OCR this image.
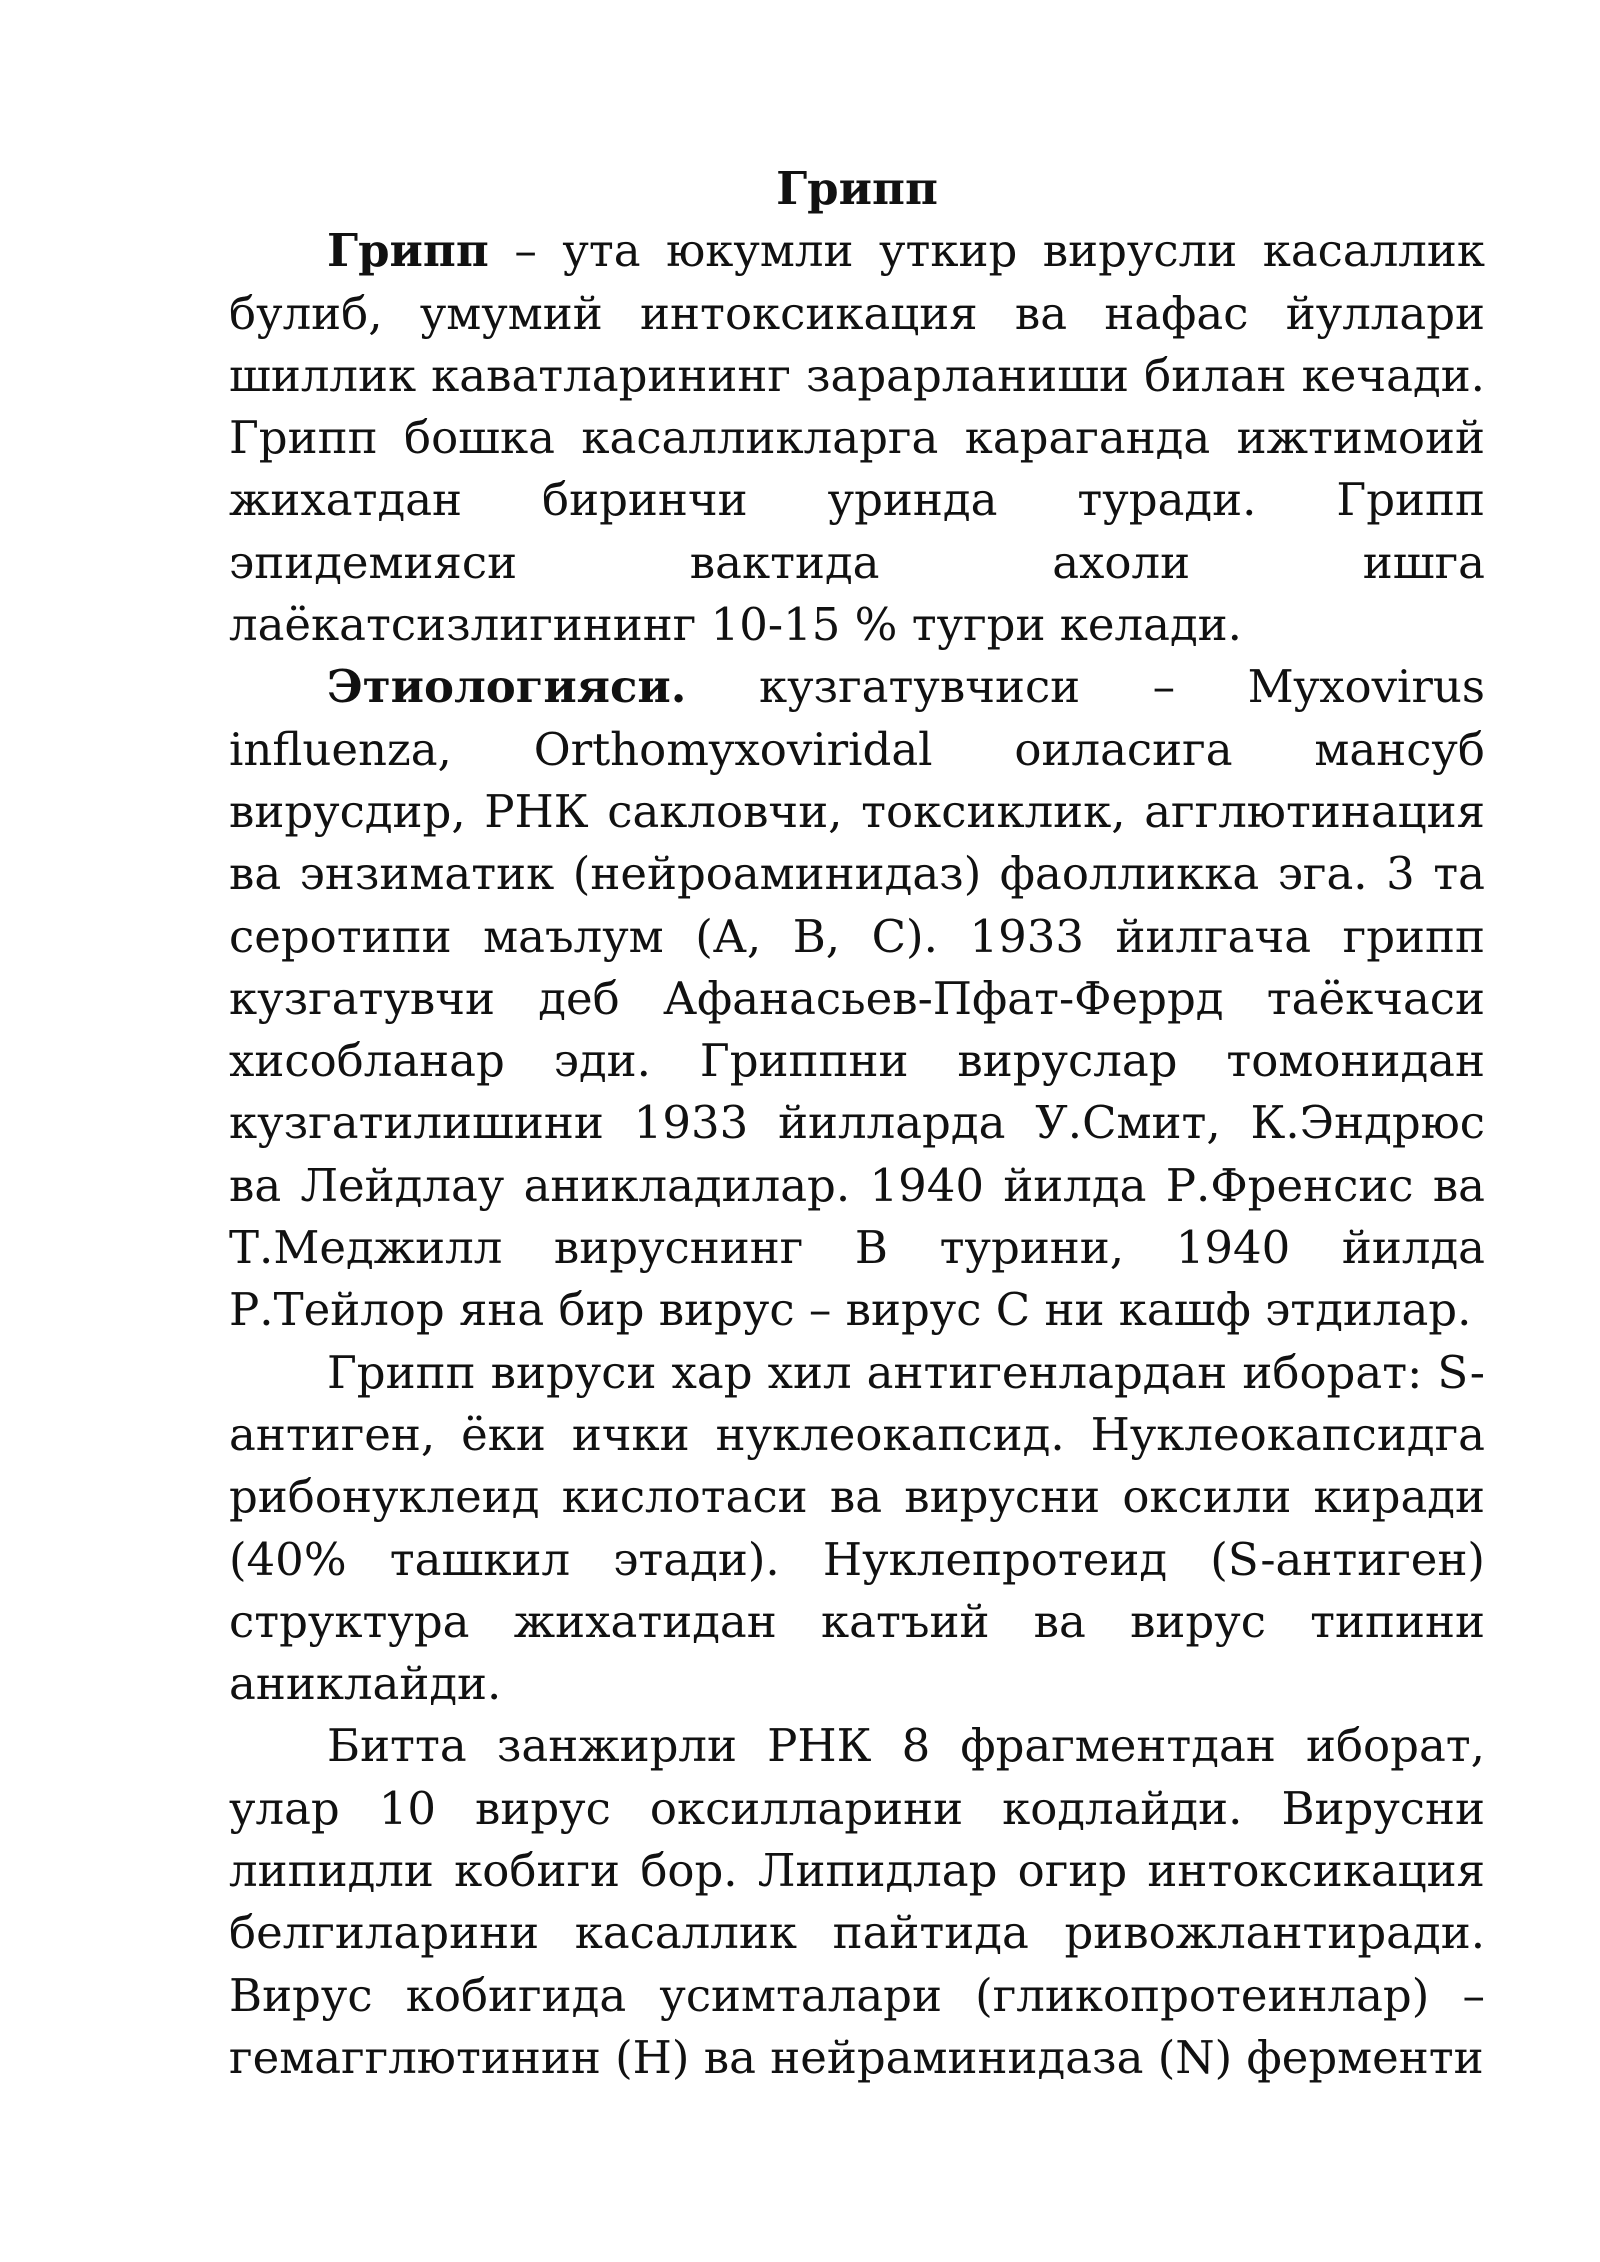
Грипп

Грипп – ута юкумли уткир вирусли касаллик булиб, умумий интоксикация ва нафас йуллари шиллик каватларининг зарарланиши билан кечади. Грипп бошка касалликларга караганда ижтимоий жихатдан биринчи уринда туради. Грипп эпидемияси вактида ахоли ишга лаёкатсизлигининг 10-15 % тугри келади.

Этиологияси. кузгатувчиси – Myxovirus influenza, Orthomyxoviridal оиласига мансуб вирусдир, РНК сакловчи, токсиклик, агглютинация ва энзиматик (нейроаминидаз) фаолликка эга. 3 та серотипи маълум (А, В, С). 1933 йилгача грипп кузгатувчи деб Афанасьев-Пфат-Феррд таёкчаси хисобланар эди. Гриппни вируслар томонидан кузгатилишини 1933 йилларда У.Смит, К.Эндрюс ва Лейдлау аникладилар. 1940 йилда Р.Френсис ва Т.Меджилл вируснинг В турини, 1940 йилда Р.Тейлор яна бир вирус – вирус С ни кашф этдилар.

Грипп вируси хар хил антигенлардан иборат: S-антиген, ёки ички нуклеокапсид. Нуклеокапсидга рибонуклеид кислотаси ва вирусни оксили киради (40% ташкил этади). Нуклепротеид (S-антиген) структура жихатидан катъий ва вирус типини аниклайди.

Битта занжирли РНК 8 фрагментдан иборат, улар 10 вирус оксилларини кодлайди. Вируcни липидли кобиги бор. Липидлар огир интоксикация белгиларини касаллик пайтида ривожлантиради. Вирус кобигида усимталари (гликопротеинлар) – гемагглютинин (Н) ва нейраминидаза (N) ферменти
